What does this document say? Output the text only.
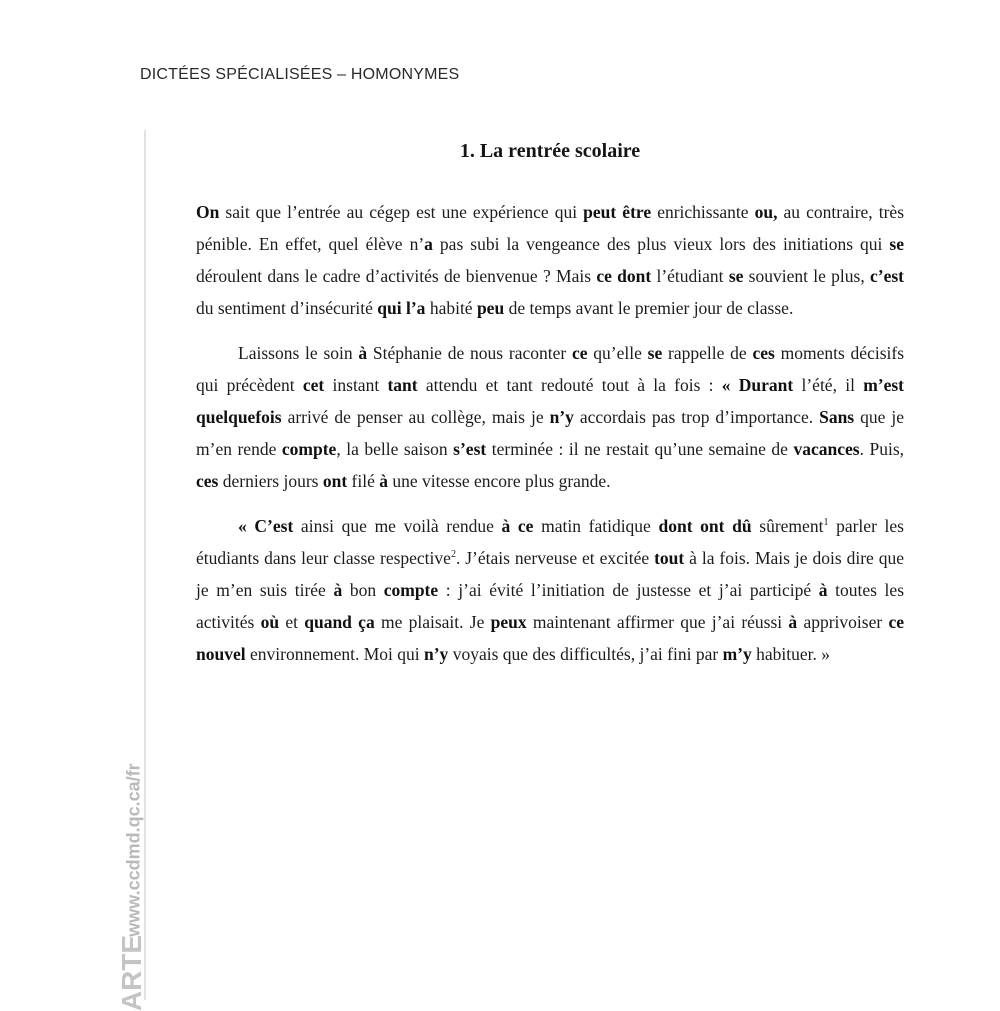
DICTÉES SPÉCIALISÉES – HOMONYMES
www.ccdmd.qc.ca/fr
ARTE
1. La rentrée scolaire

On sait que l’entrée au cégep est une expérience qui peut être enrichissante ou, au contraire, très pénible. En effet, quel élève n’a pas subi la vengeance des plus vieux lors des initiations qui se déroulent dans le cadre d’activités de bienvenue ? Mais ce dont l’étudiant se souvient le plus, c’est du sentiment d’insécurité qui l’a habité peu de temps avant le premier jour de classe.

Laissons le soin à Stéphanie de nous raconter ce qu’elle se rappelle de ces moments décisifs qui précèdent cet instant tant attendu et tant redouté tout à la fois : « Durant l’été, il m’est quelquefois arrivé de penser au collège, mais je n’y accordais pas trop d’importance. Sans que je m’en rende compte, la belle saison s’est terminée : il ne restait qu’une semaine de vacances. Puis, ces derniers jours ont filé à une vitesse encore plus grande.

« C’est ainsi que me voilà rendue à ce matin fatidique dont ont dû sûrement$^1$ parler les étudiants dans leur classe respective$^2$. J’étais nerveuse et excitée tout à la fois. Mais je dois dire que je m’en suis tirée à bon compte : j’ai évité l’initiation de justesse et j’ai participé à toutes les activités où et quand ça me plaisait. Je peux maintenant affirmer que j’ai réussi à apprivoiser ce nouvel environnement. Moi qui n’y voyais que des difficultés, j’ai fini par m’y habituer. »
